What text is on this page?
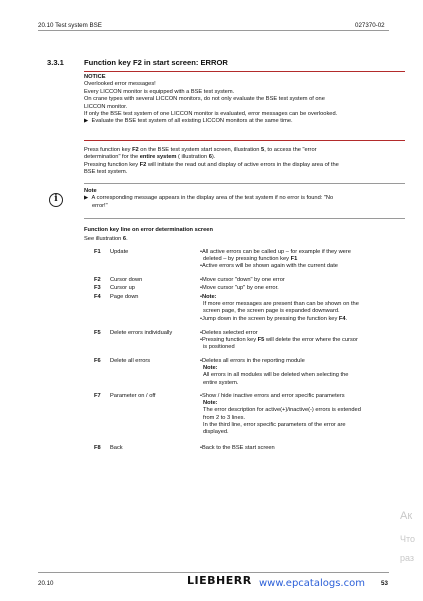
20.10 Test system BSE	027370-02
3.3.1	Function key F2 in start screen: ERROR
NOTICE
Overlooked error messages!
Every LICCON monitor is equipped with a BSE test system.
On crane types with several LICCON monitors, do not only evaluate the BSE test system of one
LICCON monitor.
If only the BSE test system of one LICCON monitor is evaluated, error messages can be overlooked.
▶ Evaluate the BSE test system of all existing LICCON monitors at the same time.
Press function key F2 on the BSE test system start screen, illustration 5, to access the "error
determination" for the entire system ( illustration 6).
Pressing function key F2 will initiate the read out and display of active errors in the display area of the
BSE test system.
i
Note
▶ A corresponding message appears in the display area of the test system if no error is found: "No
error!"
Function key line on error determination screen
See illustration 6.
F1 Update	•All active errors can be called up – for example if they were
deleted – by pressing function key F1
•Active errors will be shown again with the current date
F2 Cursor down	•Move cursor "down" by one error
F3 Cursor up	•Move cursor "up" by one error.
F4 Page down	•Note:
If more error messages are present than can be shown on the
screen page, the screen page is expanded downward.
•Jump down in the screen by pressing the function key F4.
F5 Delete errors individually	•Deletes selected error
•Pressing function key F5 will delete the error where the cursor
is positioned
F6 Delete all errors	•Deletes all errors in the reporting module
Note:
All errors in all modules will be deleted when selecting the
entire system.
F7 Parameter on / off	•Show / hide inactive errors and error specific parameters
Note:
The error description for active(+)/inactive(-) errors is extended
from 2 to 3 lines.
In the third line, error specific parameters of the error are
displayed.
F8 Back	•Back to the BSE start screen
Ак
Что
раз
20.10	LIEBHERR www.epcatalogs.com	53
